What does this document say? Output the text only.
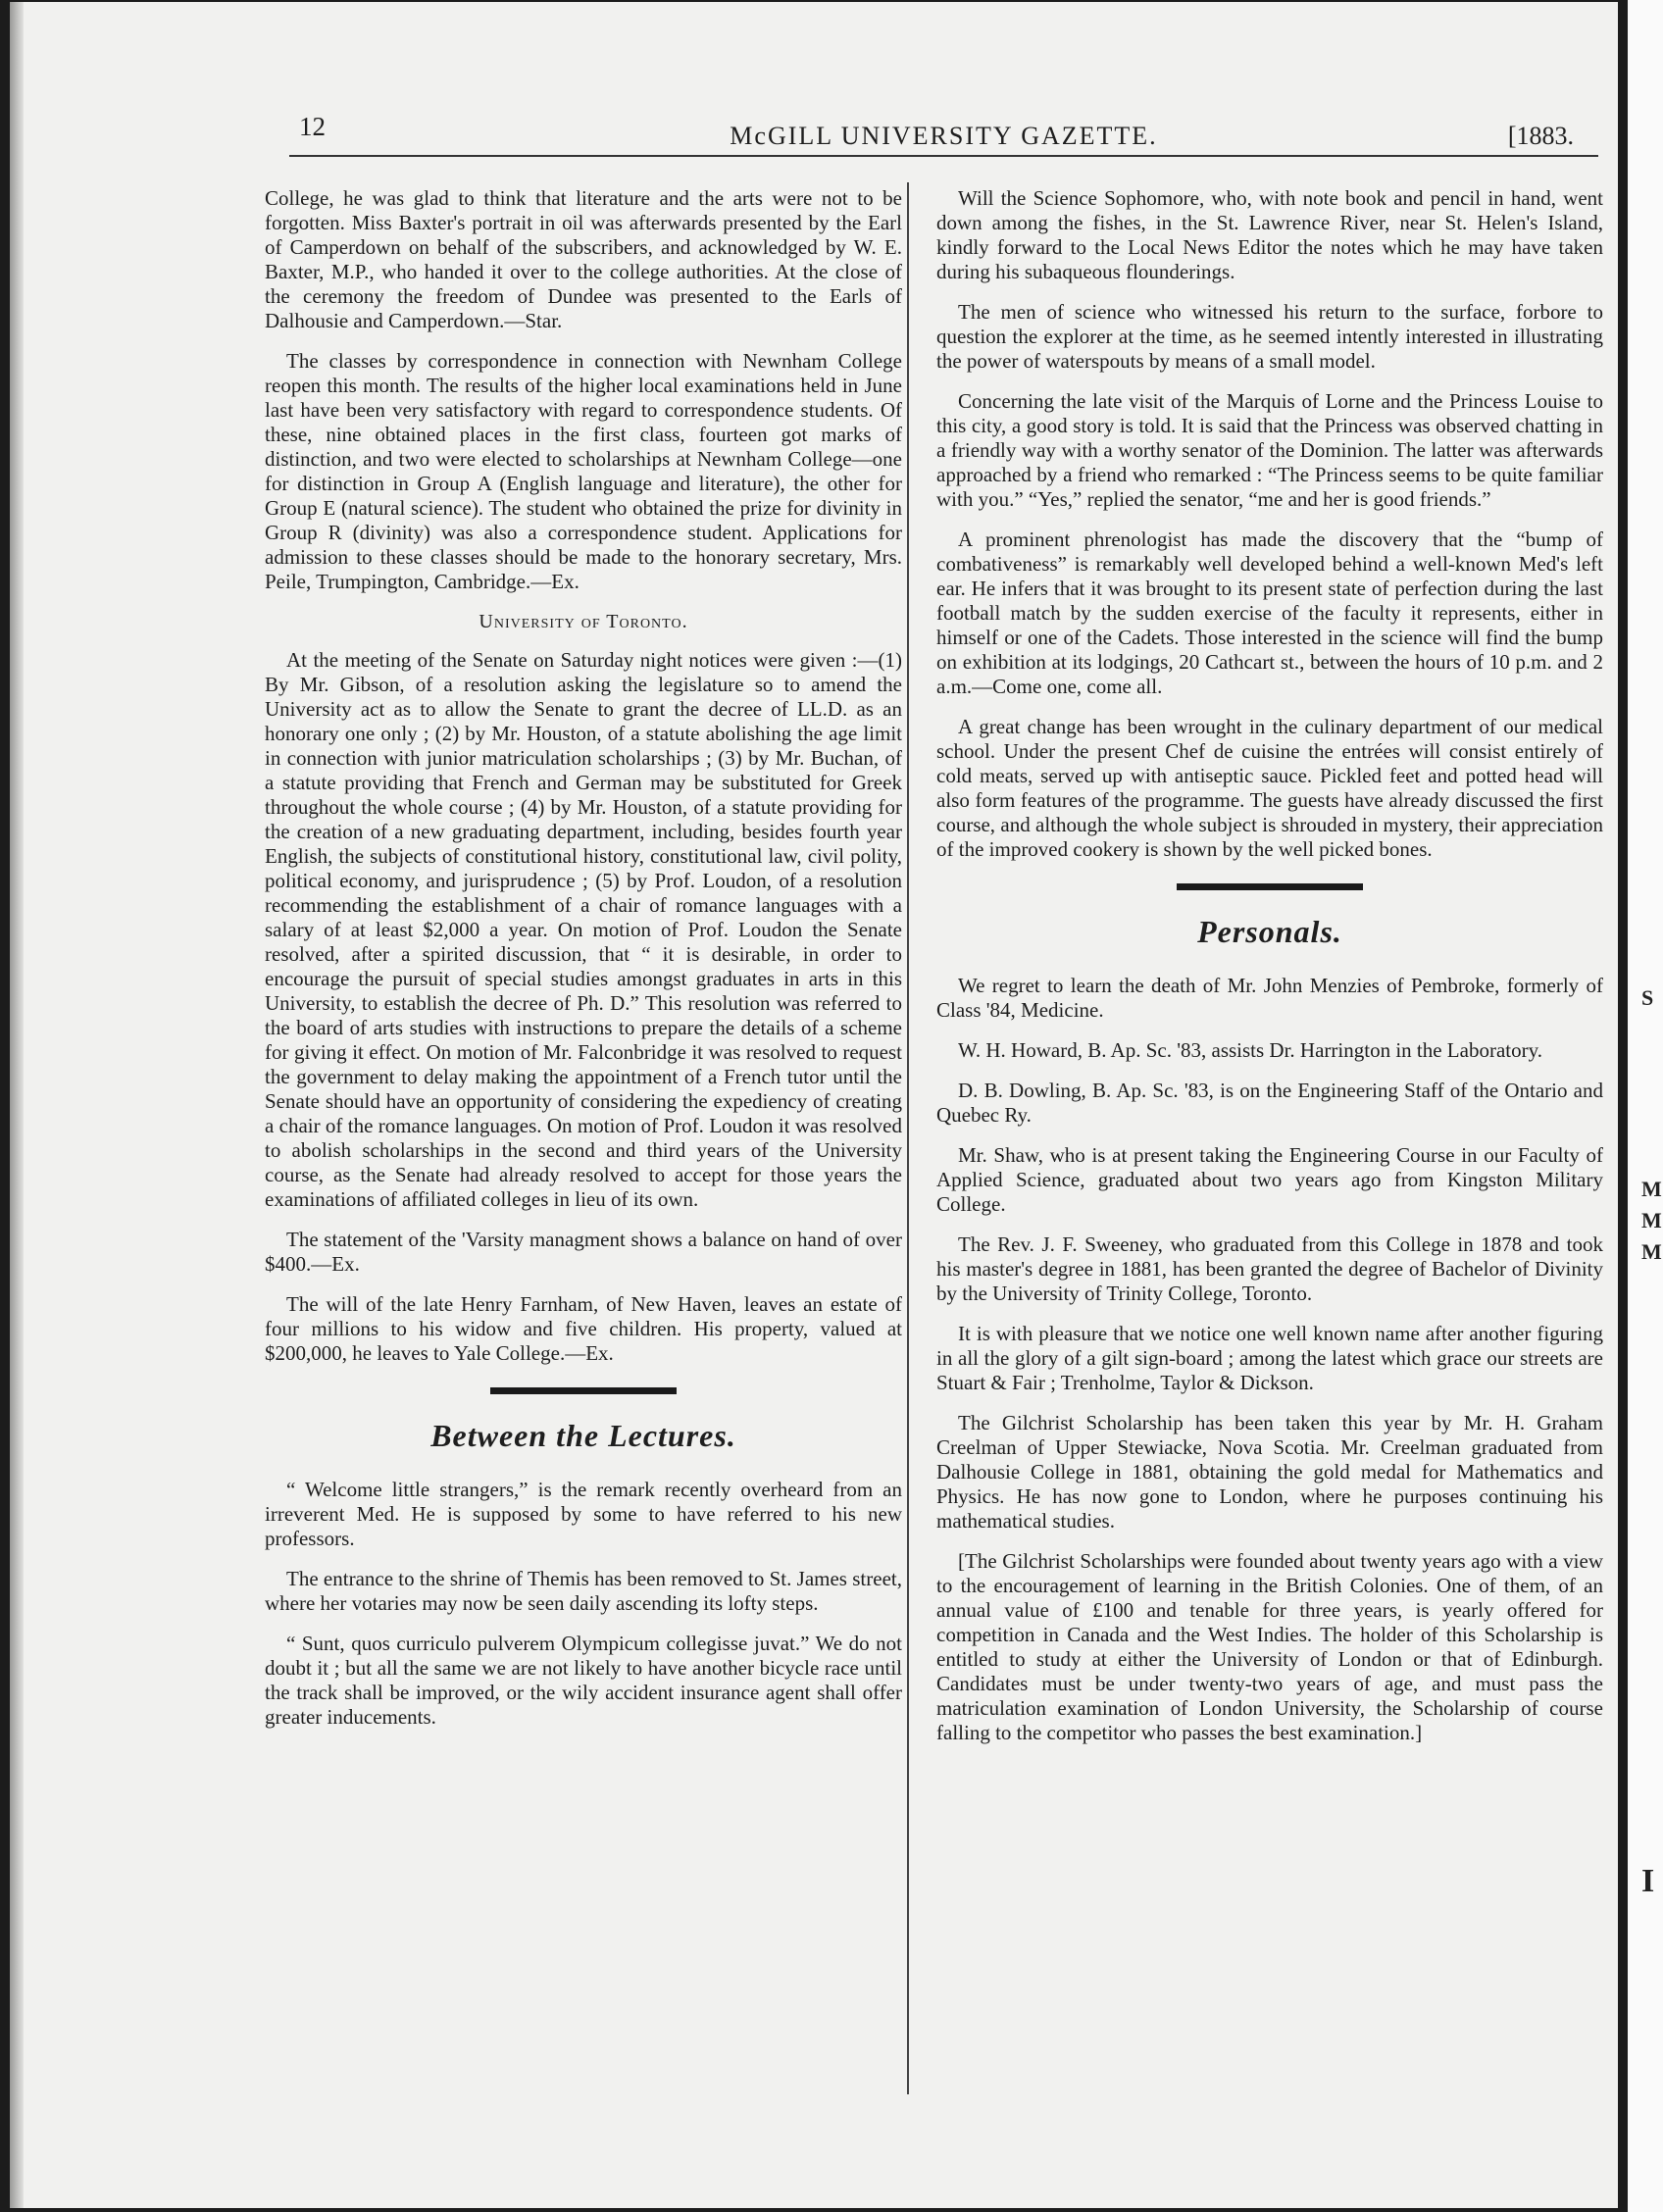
S
M
M
M
I
12	McGILL UNIVERSITY GAZETTE.	[1883.

College, he was glad to think that literature and the arts were not to be forgotten. Miss Baxter's portrait in oil was afterwards presented by the Earl of Camperdown on behalf of the subscribers, and acknowledged by W. E. Baxter, M.P., who handed it over to the college authorities. At the close of the ceremony the freedom of Dundee was presented to the Earls of Dalhousie and Camperdown.—Star.

The classes by correspondence in connection with Newnham College reopen this month. The results of the higher local examinations held in June last have been very satisfactory with regard to correspondence students. Of these, nine obtained places in the first class, fourteen got marks of distinction, and two were elected to scholarships at Newnham College—one for distinction in Group A (English language and literature), the other for Group E (natural science). The student who obtained the prize for divinity in Group R (divinity) was also a correspondence student. Applications for admission to these classes should be made to the honorary secretary, Mrs. Peile, Trumpington, Cambridge.—Ex.

University of Toronto.

At the meeting of the Senate on Saturday night notices were given :—(1) By Mr. Gibson, of a resolution asking the legislature so to amend the University act as to allow the Senate to grant the decree of LL.D. as an honorary one only ; (2) by Mr. Houston, of a statute abolishing the age limit in connection with junior matriculation scholarships ; (3) by Mr. Buchan, of a statute providing that French and German may be substituted for Greek throughout the whole course ; (4) by Mr. Houston, of a statute providing for the creation of a new graduating department, including, besides fourth year English, the subjects of constitutional history, constitutional law, civil polity, political economy, and jurisprudence ; (5) by Prof. Loudon, of a resolution recommending the establishment of a chair of romance languages with a salary of at least $2,000 a year. On motion of Prof. Loudon the Senate resolved, after a spirited discussion, that “ it is desirable, in order to encourage the pursuit of special studies amongst graduates in arts in this University, to establish the decree of Ph. D.” This resolution was referred to the board of arts studies with instructions to prepare the details of a scheme for giving it effect. On motion of Mr. Falconbridge it was resolved to request the government to delay making the appointment of a French tutor until the Senate should have an opportunity of considering the expediency of creating a chair of the romance languages. On motion of Prof. Loudon it was resolved to abolish scholarships in the second and third years of the University course, as the Senate had already resolved to accept for those years the examinations of affiliated colleges in lieu of its own.

The statement of the 'Varsity managment shows a balance on hand of over $400.—Ex.

The will of the late Henry Farnham, of New Haven, leaves an estate of four millions to his widow and five children. His property, valued at $200,000, he leaves to Yale College.—Ex.

Between the Lectures.

“ Welcome little strangers,” is the remark recently overheard from an irreverent Med. He is supposed by some to have referred to his new professors.

The entrance to the shrine of Themis has been removed to St. James street, where her votaries may now be seen daily ascending its lofty steps.

“ Sunt, quos curriculo pulverem Olympicum collegisse juvat.” We do not doubt it ; but all the same we are not likely to have another bicycle race until the track shall be improved, or the wily accident insurance agent shall offer greater inducements.

Will the Science Sophomore, who, with note book and pencil in hand, went down among the fishes, in the St. Lawrence River, near St. Helen's Island, kindly forward to the Local News Editor the notes which he may have taken during his subaqueous flounderings.

The men of science who witnessed his return to the surface, forbore to question the explorer at the time, as he seemed intently interested in illustrating the power of waterspouts by means of a small model.

Concerning the late visit of the Marquis of Lorne and the Princess Louise to this city, a good story is told. It is said that the Princess was observed chatting in a friendly way with a worthy senator of the Dominion. The latter was afterwards approached by a friend who remarked : “The Princess seems to be quite familiar with you.” “Yes,” replied the senator, “me and her is good friends.”

A prominent phrenologist has made the discovery that the “bump of combativeness” is remarkably well developed behind a well-known Med's left ear. He infers that it was brought to its present state of perfection during the last football match by the sudden exercise of the faculty it represents, either in himself or one of the Cadets. Those interested in the science will find the bump on exhibition at its lodgings, 20 Cathcart st., between the hours of 10 p.m. and 2 a.m.—Come one, come all.

A great change has been wrought in the culinary department of our medical school. Under the present Chef de cuisine the entrées will consist entirely of cold meats, served up with antiseptic sauce. Pickled feet and potted head will also form features of the programme. The guests have already discussed the first course, and although the whole subject is shrouded in mystery, their appreciation of the improved cookery is shown by the well picked bones.

Personals.

We regret to learn the death of Mr. John Menzies of Pembroke, formerly of Class '84, Medicine.

W. H. Howard, B. Ap. Sc. '83, assists Dr. Harrington in the Laboratory.

D. B. Dowling, B. Ap. Sc. '83, is on the Engineering Staff of the Ontario and Quebec Ry.

Mr. Shaw, who is at present taking the Engineering Course in our Faculty of Applied Science, graduated about two years ago from Kingston Military College.

The Rev. J. F. Sweeney, who graduated from this College in 1878 and took his master's degree in 1881, has been granted the degree of Bachelor of Divinity by the University of Trinity College, Toronto.

It is with pleasure that we notice one well known name after another figuring in all the glory of a gilt sign-board ; among the latest which grace our streets are Stuart & Fair ; Trenholme, Taylor & Dickson.

The Gilchrist Scholarship has been taken this year by Mr. H. Graham Creelman of Upper Stewiacke, Nova Scotia. Mr. Creelman graduated from Dalhousie College in 1881, obtaining the gold medal for Mathematics and Physics. He has now gone to London, where he purposes continuing his mathematical studies.

[The Gilchrist Scholarships were founded about twenty years ago with a view to the encouragement of learning in the British Colonies. One of them, of an annual value of £100 and tenable for three years, is yearly offered for competition in Canada and the West Indies. The holder of this Scholarship is entitled to study at either the University of London or that of Edinburgh. Candidates must be under twenty-two years of age, and must pass the matriculation examination of London University, the Scholarship of course falling to the competitor who passes the best examination.]
